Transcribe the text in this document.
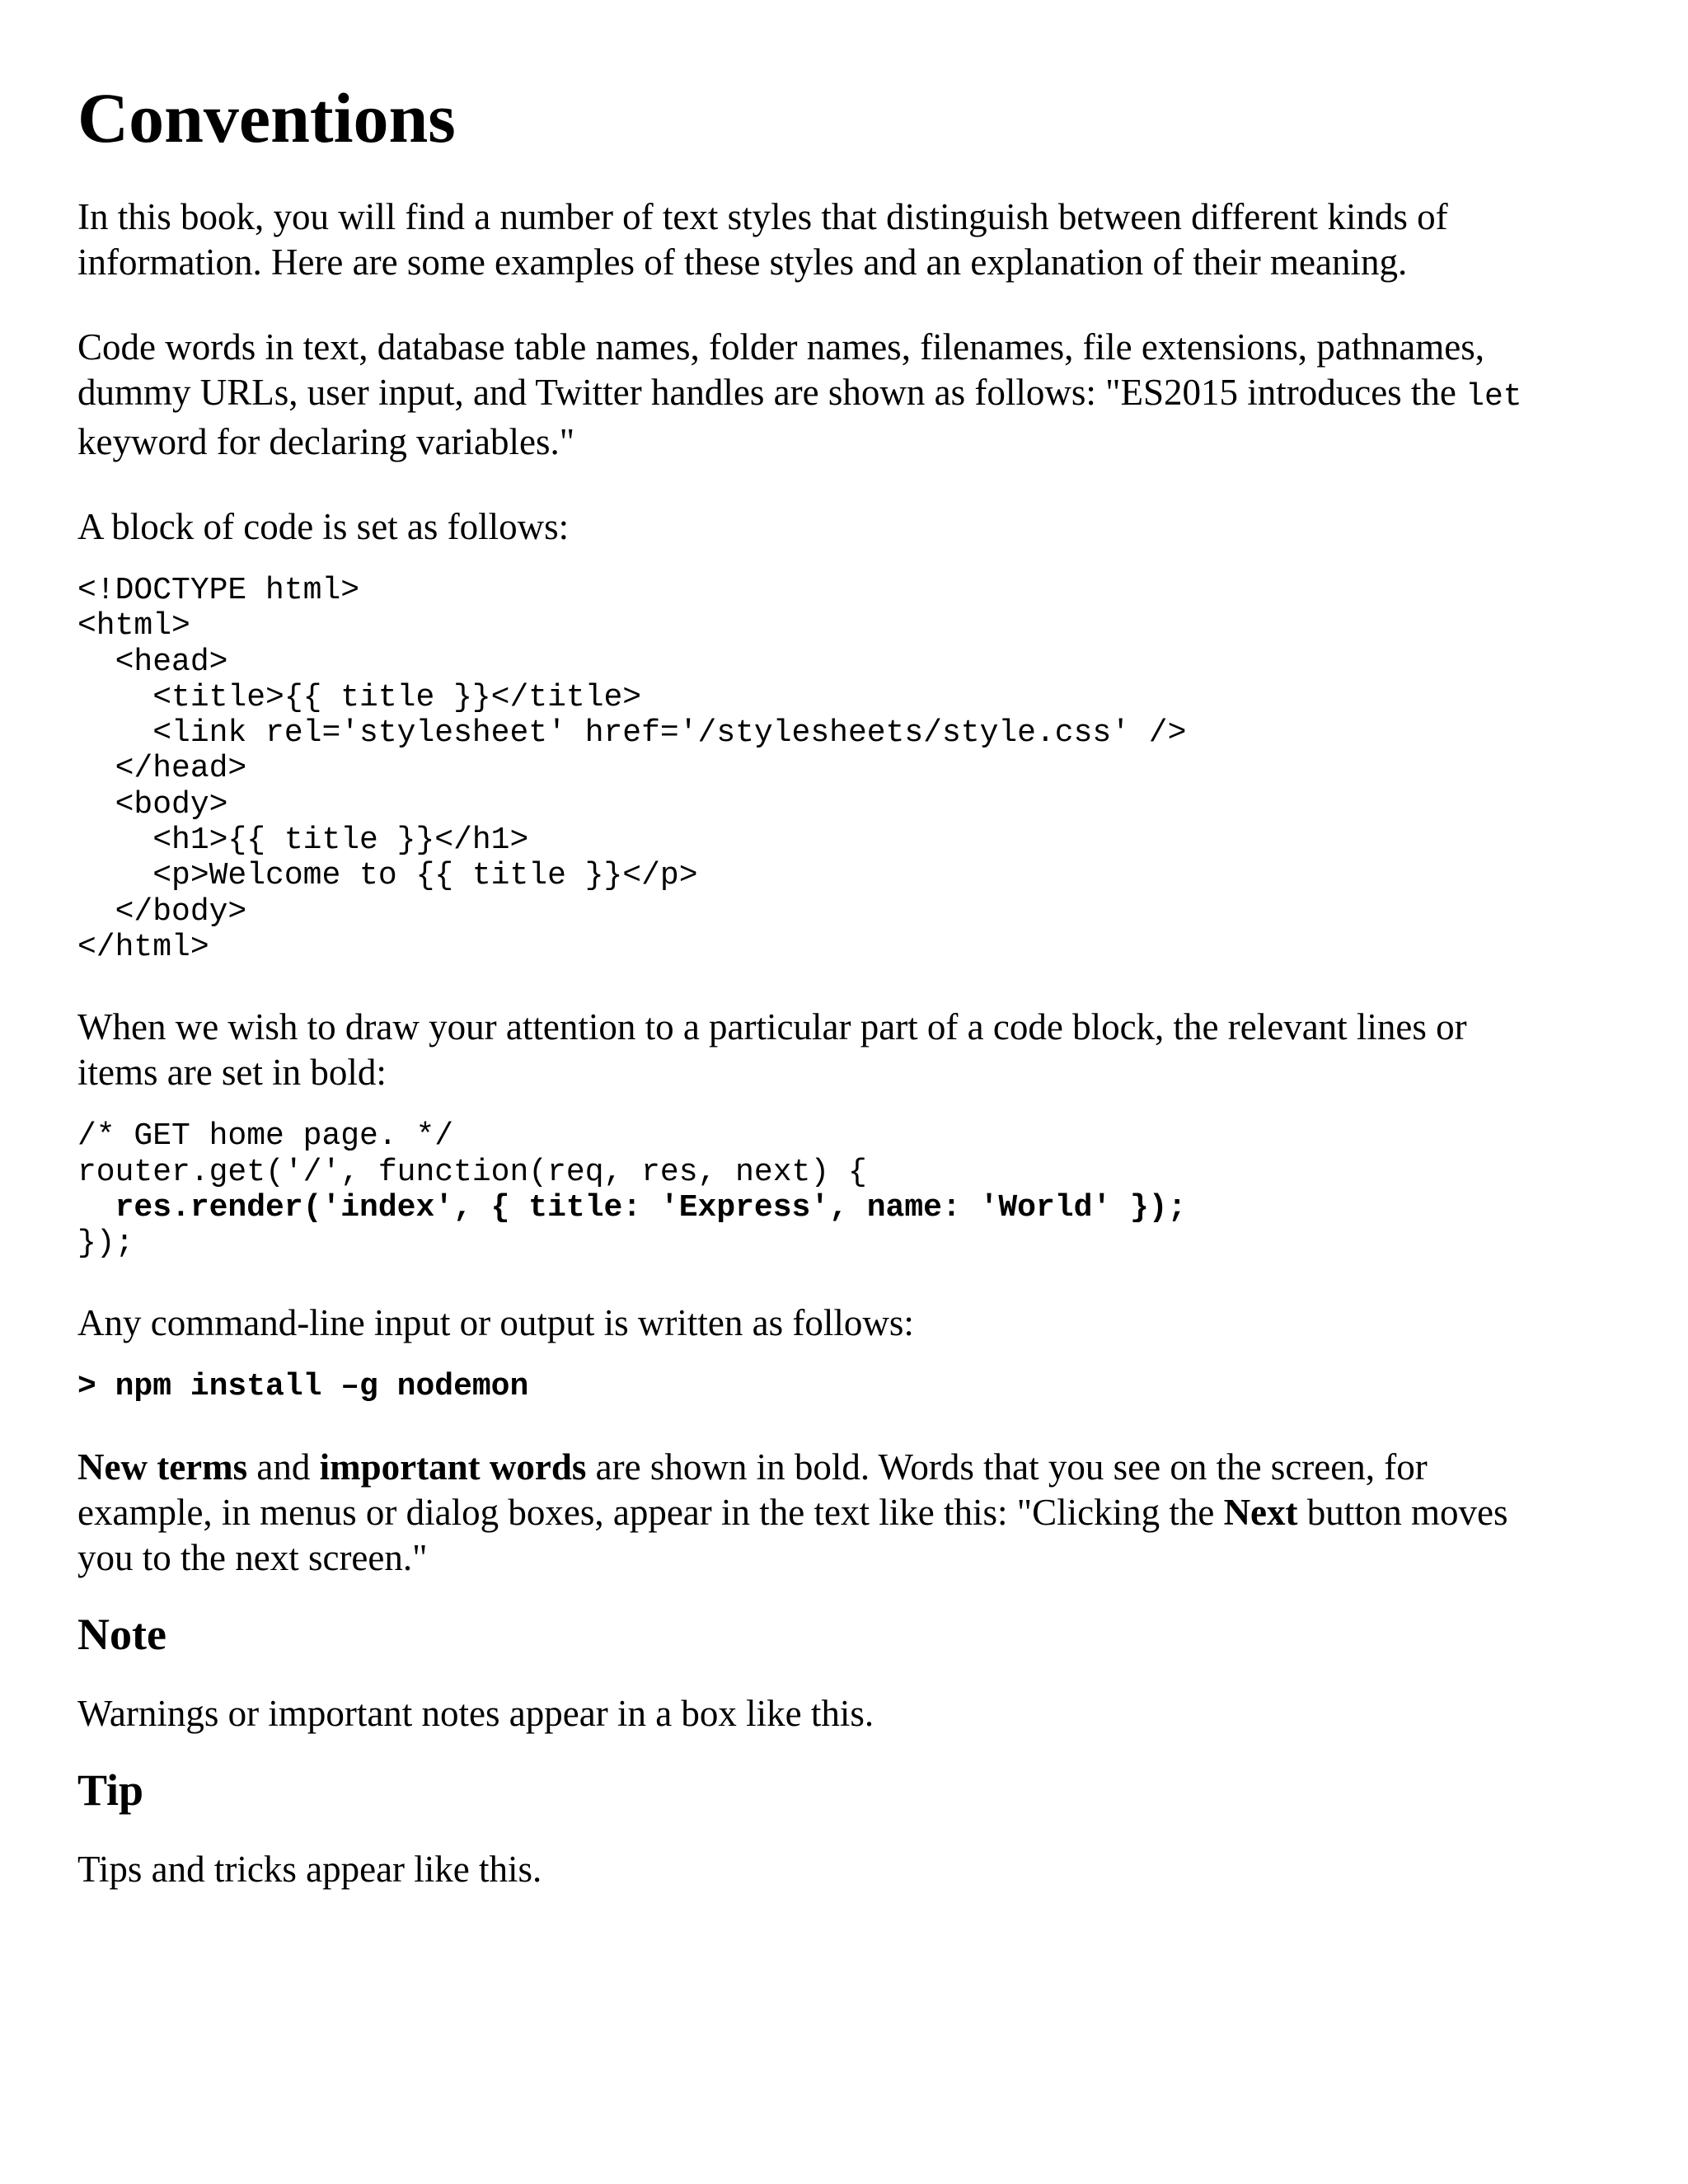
Conventions

In this book, you will find a number of text styles that distinguish between different kinds of
information. Here are some examples of these styles and an explanation of their meaning.

Code words in text, database table names, folder names, filenames, file extensions, pathnames,
dummy URLs, user input, and Twitter handles are shown as follows: "ES2015 introduces the let
keyword for declaring variables."

A block of code is set as follows:

<!DOCTYPE html>
<html>
<head>
<title>{{ title }}</title>
<link rel='stylesheet' href='/stylesheets/style.css' />
</head>
<body>
<h1>{{ title }}</h1>
<p>Welcome to {{ title }}</p>
</body>
</html>

When we wish to draw your attention to a particular part of a code block, the relevant lines or
items are set in bold:

/* GET home page. */
router.get('/', function(req, res, next) {
res.render('index', { title: 'Express', name: 'World' });
});

Any command-line input or output is written as follows:

> npm install –g nodemon

New terms and important words are shown in bold. Words that you see on the screen, for
example, in menus or dialog boxes, appear in the text like this: "Clicking the Next button moves
you to the next screen."

Note

Warnings or important notes appear in a box like this.

Tip

Tips and tricks appear like this.
